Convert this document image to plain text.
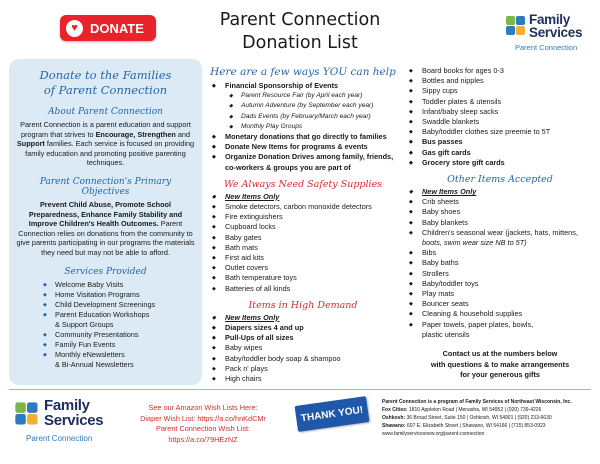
♥ DONATE	Parent Connection
Donation List
Family
Services
Parent Connection
Donate to the Families
of Parent Connection
About Parent Connection

Parent Connection is a parent education and support program that strives to Encourage, Strengthen and Support families. Each service is focused on providing family education and promoting positive parenting techniques.

Parent Connection's Primary Objectives

Prevent Child Abuse, Promote School Preparedness, Enhance Family Stability and Improve Children's Health Outcomes. Parent Connection relies on donations from the community to give parents participating in our programs the materials they need but may not be able to afford.

Services Provided
◆ Welcome Baby Visits
◆ Home Visitation Programs
◆ Child Development Screenings
◆ Parent Education Workshops
& Support Groups
◆ Community Presentations
◆ Family Fun Events
◆ Monthly eNewsletters
& Bi-Annual Newsletters
Here are a few ways YOU can help
◆ Financial Sponsorship of Events
◆ Parent Resource Fair (by April each year)
◆ Autumn Adventure (by September each year)
◆ Dads Events (by February/March each year)
◆ Monthly Play Groups
◆ Monetary donations that go directly to families
◆ Donate New Items for programs & events
◆ Organize Donation Drives among family, friends,
co-workers & groups you are part of
We Always Need Safety Supplies
◆ New Items Only
◆ Smoke detectors, carbon monoxide detectors
◆ Fire extinguishers
◆ Cupboard locks
◆ Baby gates
◆ Bath mats
◆ First aid kits
◆ Outlet covers
◆ Bath temperature toys
◆ Batteries of all kinds
Items in High Demand
◆ New Items Only
◆ Diapers sizes 4 and up
◆ Pull-Ups of all sizes
◆ Baby wipes
◆ Baby/toddler body soap & shampoo
◆ Pack n' plays
◆ High chairs
◆ Board books for ages 0-3
◆ Bottles and nipples
◆ Sippy cups
◆ Toddler plates & utensils
◆ Infant/baby sleep sacks
◆ Swaddle blankets
◆ Baby/toddler clothes size preemie to 5T
◆ Bus passes
◆ Gas gift cards
◆ Grocery store gift cards
Other Items Accepted
◆ New Items Only
◆ Crib sheets
◆ Baby shoes
◆ Baby blankets
◆ Children's seasonal wear (jackets, hats, mittens,
boots, swim wear size NB to 5T)
◆ Bibs
◆ Baby baths
◆ Strollers
◆ Baby/toddler toys
◆ Play mats
◆ Bouncer seats
◆ Cleaning & household supplies
◆ Paper towels, paper plates, bowls,
plastic utensils
Contact us at the numbers below
with questions & to make arrangements
for your generous gifts
Family
Services
Parent Connection
See our Amazon Wish Lists Here:
Diaper Wish List: https://a.co/hnKdCMr
Parent Connection Wish List: https://a.co/79HEzNZ
THANK YOU!
Parent Connection is a program of Family Services of Northeast Wisconsin, Inc.
Fox Cities: 1810 Appleton Road | Menasha, WI 54952 | (920) 739-4226
Oshkosh: 36 Broad Street, Suite 150 | Oshkosh, WI 54901 | (920) 233-6630
Shawano: 607 E. Elizabeth Street | Shawano, WI 54166 | (715) 853-0923
www.familyservicesnew.org/parent-connection
